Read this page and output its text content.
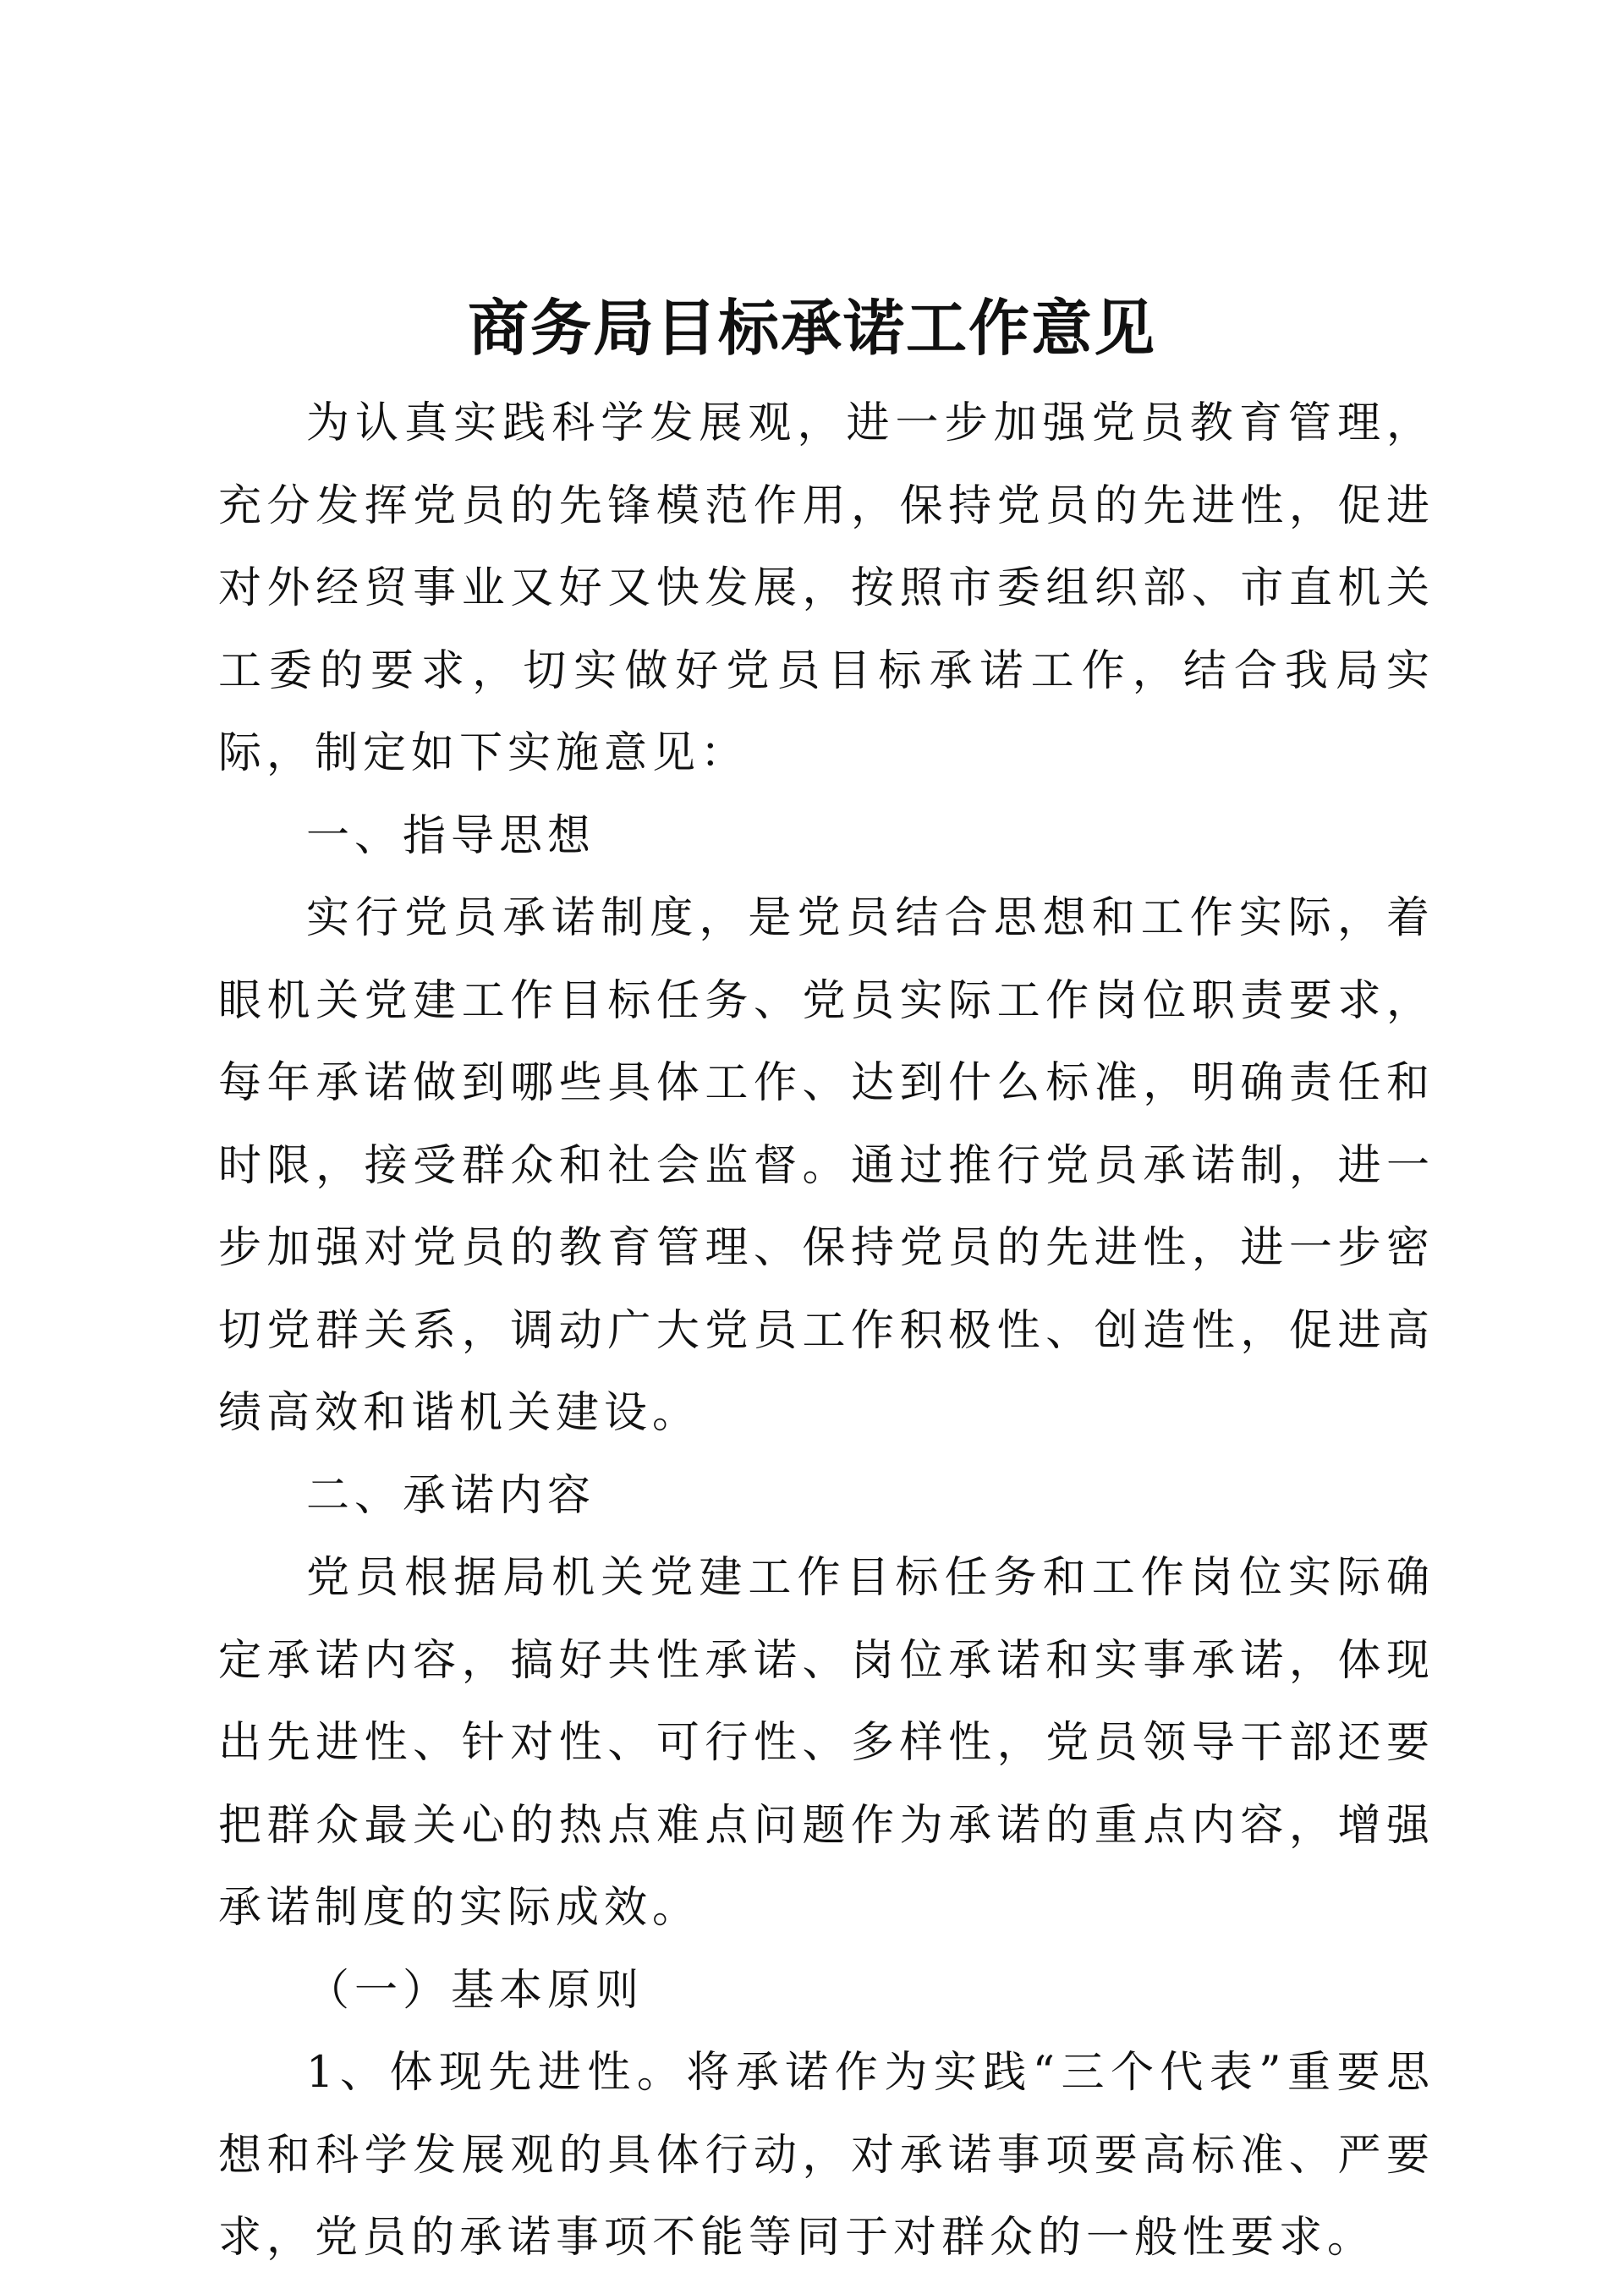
商务局目标承诺工作意见

为认真实践科学发展观，进一步加强党员教育管理，充分发挥党员的先锋模范作用，保持党员的先进性，促进对外经贸事业又好又快发展，按照市委组织部、市直机关工委的要求，切实做好党员目标承诺工作，结合我局实际，制定如下实施意见：

一、指导思想

实行党员承诺制度，是党员结合思想和工作实际，着眼机关党建工作目标任务、党员实际工作岗位职责要求，每年承诺做到哪些具体工作、达到什么标准，明确责任和时限，接受群众和社会监督。通过推行党员承诺制，进一步加强对党员的教育管理、保持党员的先进性，进一步密切党群关系，调动广大党员工作积极性、创造性，促进高绩高效和谐机关建设。

二、承诺内容

党员根据局机关党建工作目标任务和工作岗位实际确定承诺内容，搞好共性承诺、岗位承诺和实事承诺，体现出先进性、针对性、可行性、多样性，党员领导干部还要把群众最关心的热点难点问题作为承诺的重点内容，增强承诺制度的实际成效。

（一）基本原则

1、体现先进性。将承诺作为实践“三个代表”重要思想和科学发展观的具体行动，对承诺事项要高标准、严要求，党员的承诺事项不能等同于对群众的一般性要求。
